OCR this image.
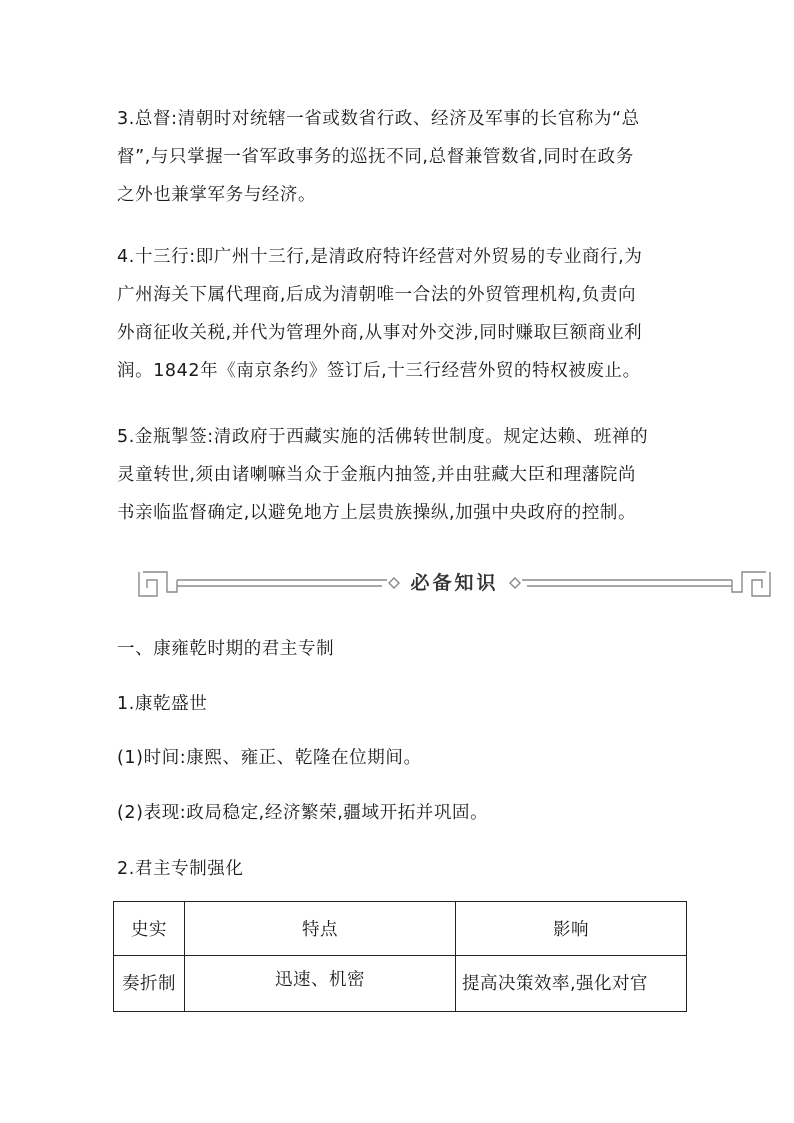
3.总督:清朝时对统辖一省或数省行政、经济及军事的长官称为“总
督”,与只掌握一省军政事务的巡抚不同,总督兼管数省,同时在政务
之外也兼掌军务与经济。
4.十三行:即广州十三行,是清政府特许经营对外贸易的专业商行,为
广州海关下属代理商,后成为清朝唯一合法的外贸管理机构,负责向
外商征收关税,并代为管理外商,从事对外交涉,同时赚取巨额商业利
润。1842年《南京条约》签订后,十三行经营外贸的特权被废止。
5.金瓶掣签:清政府于西藏实施的活佛转世制度。规定达赖、班禅的
灵童转世,须由诸喇嘛当众于金瓶内抽签,并由驻藏大臣和理藩院尚
书亲临监督确定,以避免地方上层贵族操纵,加强中央政府的控制。
必备知识
一、康雍乾时期的君主专制
1.康乾盛世
(1)时间:康熙、雍正、乾隆在位期间。
(2)表现:政局稳定,经济繁荣,疆域开拓并巩固。
2.君主专制强化
史实	特点	影响
奏折制	迅速、机密	提高决策效率,强化对官
